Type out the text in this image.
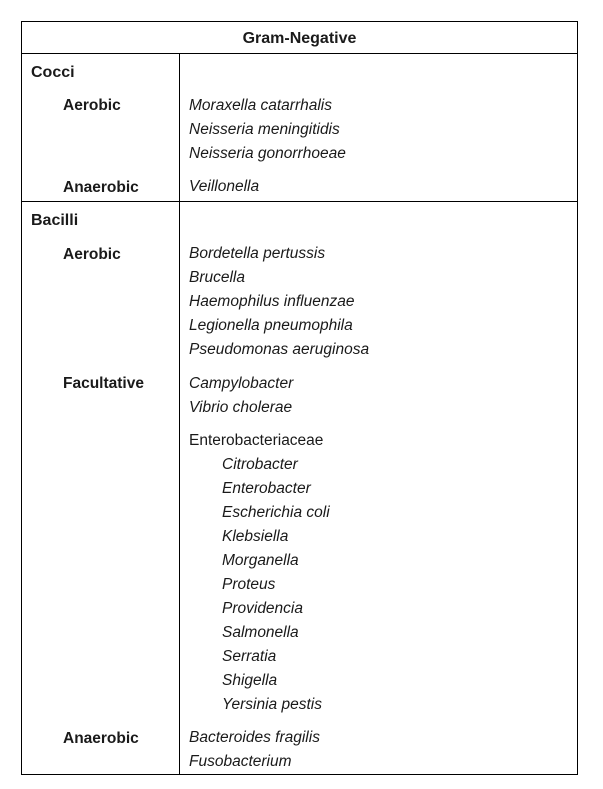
Gram-Negative
Cocci
Aerobic	Moraxella catarrhalis
Neisseria meningitidis
Neisseria gonorrhoeae
Anaerobic	Veillonella
Bacilli
Aerobic	Bordetella pertussis
Brucella
Haemophilus influenzae
Legionella pneumophila
Pseudomonas aeruginosa
Facultative	Campylobacter
Vibrio cholerae
Enterobacteriaceae
Citrobacter
Enterobacter
Escherichia coli
Klebsiella
Morganella
Proteus
Providencia
Salmonella
Serratia
Shigella
Yersinia pestis
Anaerobic	Bacteroides fragilis
Fusobacterium
